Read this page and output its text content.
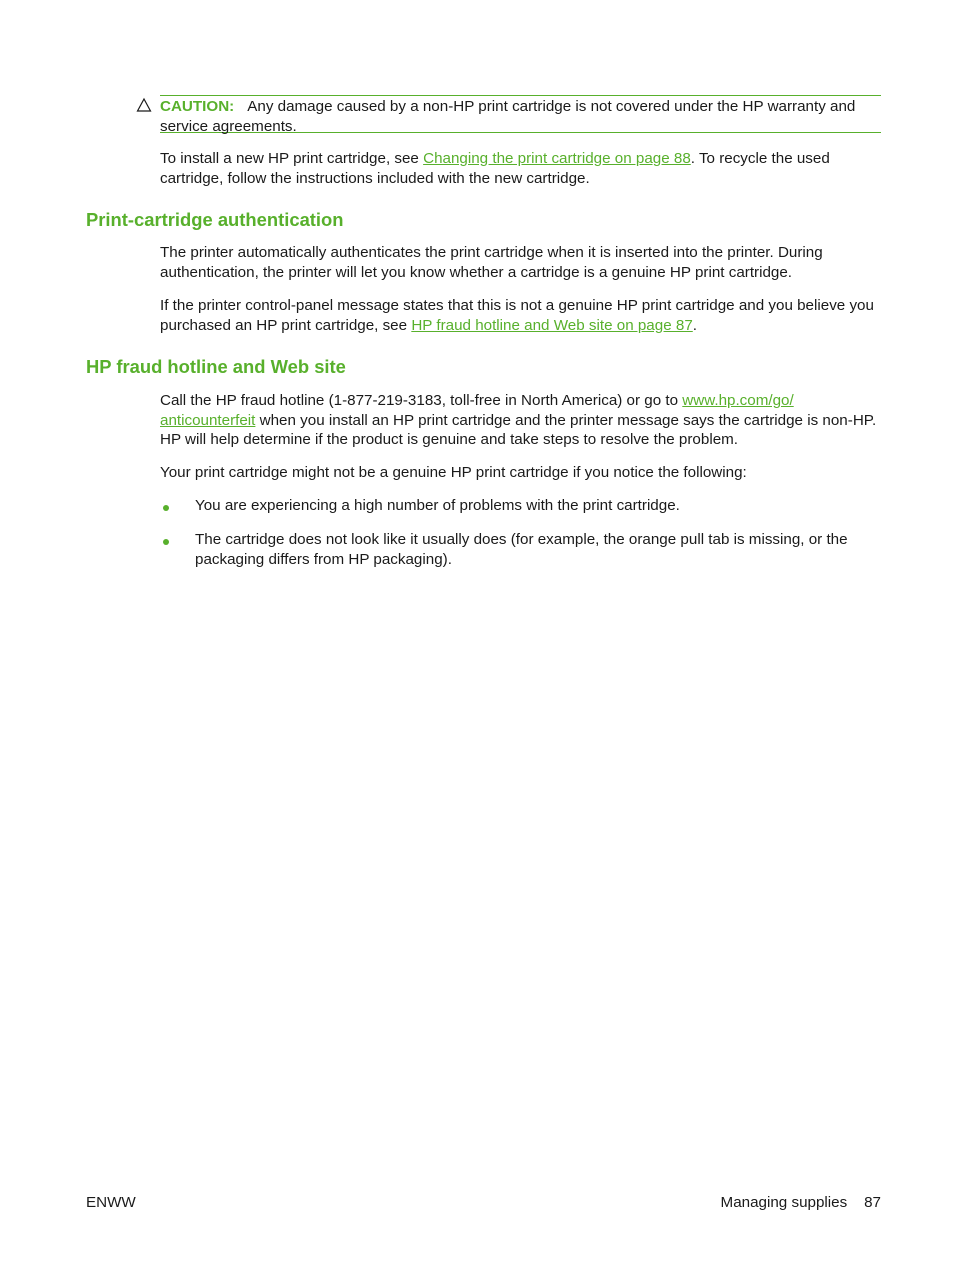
CAUTION: Any damage caused by a non-HP print cartridge is not covered under the HP warranty and service agreements.

To install a new HP print cartridge, see Changing the print cartridge on page 88. To recycle the used cartridge, follow the instructions included with the new cartridge.

Print-cartridge authentication

The printer automatically authenticates the print cartridge when it is inserted into the printer. During authentication, the printer will let you know whether a cartridge is a genuine HP print cartridge.

If the printer control-panel message states that this is not a genuine HP print cartridge and you believe you purchased an HP print cartridge, see HP fraud hotline and Web site on page 87.

HP fraud hotline and Web site

Call the HP fraud hotline (1-877-219-3183, toll-free in North America) or go to www.hp.com/go/
anticounterfeit when you install an HP print cartridge and the printer message says the cartridge is non-HP. HP will help determine if the product is genuine and take steps to resolve the problem.

Your print cartridge might not be a genuine HP print cartridge if you notice the following:

You are experiencing a high number of problems with the print cartridge.

The cartridge does not look like it usually does (for example, the orange pull tab is missing, or the packaging differs from HP packaging).

ENWW	Managing supplies 87
